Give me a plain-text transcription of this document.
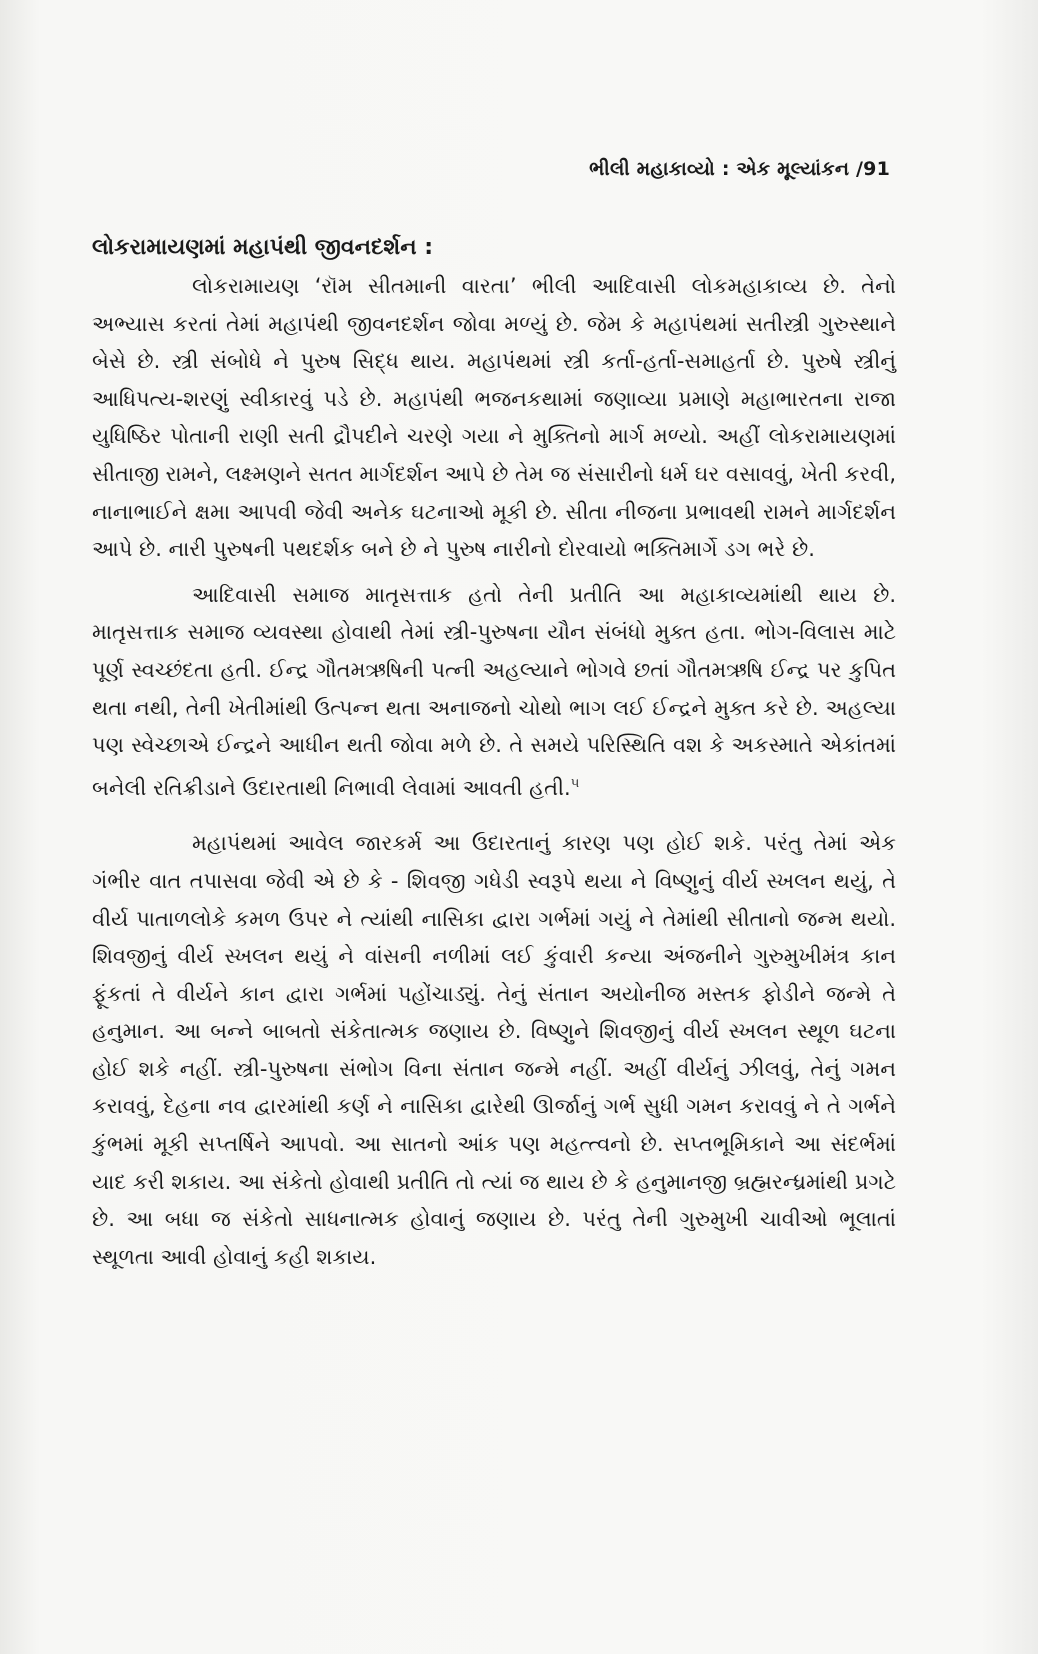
ભીલી મહાકાવ્યો : એક મૂલ્યાંકન /91
લોકરામાયણમાં મહાપંથી જીવનદર્શન :

લોકરામાયણ ‘રૉમ સીતમાની વારતા’ ભીલી આદિવાસી લોકમહાકાવ્ય છે. તેનો અભ્યાસ કરતાં તેમાં મહાપંથી જીવનદર્શન જોવા મળ્યું છે. જેમ કે મહાપંથમાં સતીસ્ત્રી ગુરુસ્થાને બેસે છે. સ્ત્રી સંબોધે ને પુરુષ સિદ્ધ થાય. મહાપંથમાં સ્ત્રી કર્તા-હર્તા-સમાહર્તા છે. પુરુષે સ્ત્રીનું આધિપત્ય-શરણું સ્વીકારવું પડે છે. મહાપંથી ભજનકથામાં જણાવ્યા પ્રમાણે મહાભારતના રાજા યુધિષ્ઠિર પોતાની રાણી સતી દ્રૌપદીને ચરણે ગયા ને મુક્તિનો માર્ગ મળ્યો. અહીં લોકરામાયણમાં સીતાજી રામને, લક્ષ્મણને સતત માર્ગદર્શન આપે છે તેમ જ સંસારીનો ધર્મ ઘર વસાવવું, ખેતી કરવી, નાનાભાઈને ક્ષમા આપવી જેવી અનેક ઘટનાઓ મૂકી છે. સીતા નીજના પ્રભાવથી રામને માર્ગદર્શન આપે છે. નારી પુરુષની પથદર્શક બને છે ને પુરુષ નારીનો દોરવાયો ભક્તિમાર્ગે ડગ ભરે છે.

આદિવાસી સમાજ માતૃસત્તાક હતો તેની પ્રતીતિ આ મહાકાવ્યમાંથી થાય છે. માતૃસત્તાક સમાજ વ્યવસ્થા હોવાથી તેમાં સ્ત્રી-પુરુષના યૌન સંબંધો મુક્ત હતા. ભોગ-વિલાસ માટે પૂર્ણ સ્વચ્છંદતા હતી. ઈન્દ્ર ગૌતમઋષિની પત્ની અહલ્યાને ભોગવે છતાં ગૌતમઋષિ ઈન્દ્ર પર કુપિત થતા નથી, તેની ખેતીમાંથી ઉત્પન્ન થતા અનાજનો ચોથો ભાગ લઈ ઈન્દ્રને મુક્ત કરે છે. અહલ્યા પણ સ્વેચ્છાએ ઈન્દ્રને આધીન થતી જોવા મળે છે. તે સમયે પરિસ્થિતિ વશ કે અકસ્માતે એકાંતમાં બનેલી રતિક્રીડાને ઉદારતાથી નિભાવી લેવામાં આવતી હતી.$^૫$

મહાપંથમાં આવેલ જારકર્મ આ ઉદારતાનું કારણ પણ હોઈ શકે. પરંતુ તેમાં એક ગંભીર વાત તપાસવા જેવી એ છે કે - શિવજી ગધેડી સ્વરૂપે થયા ને વિષ્ણુનું વીર્ય સ્ખલન થયું, તે વીર્ય પાતાળલોકે કમળ ઉપર ને ત્યાંથી નાસિકા દ્વારા ગર્ભમાં ગયું ને તેમાંથી સીતાનો જન્મ થયો. શિવજીનું વીર્ય સ્ખલન થયું ને વાંસની નળીમાં લઈ કુંવારી કન્યા અંજનીને ગુરુમુખીમંત્ર કાન ફૂંકતાં તે વીર્યને કાન દ્વારા ગર્ભમાં પહોંચાડ્યું. તેનું સંતાન અયોનીજ મસ્તક ફોડીને જન્મે તે હનુમાન. આ બન્ને બાબતો સંકેતાત્મક જણાય છે. વિષ્ણુને શિવજીનું વીર્ય સ્ખલન સ્થૂળ ઘટના હોઈ શકે નહીં. સ્ત્રી-પુરુષના સંભોગ વિના સંતાન જન્મે નહીં. અહીં વીર્યનું ઝીલવું, તેનું ગમન કરાવવું, દેહના નવ દ્વારમાંથી કર્ણ ને નાસિકા દ્વારેથી ઊર્જાનું ગર્ભ સુધી ગમન કરાવવું ને તે ગર્ભને કુંભમાં મૂકી સપ્તર્ષિને આપવો. આ સાતનો આંક પણ મહત્ત્વનો છે. સપ્તભૂમિકાને આ સંદર્ભમાં યાદ કરી શકાય. આ સંકેતો હોવાથી પ્રતીતિ તો ત્યાં જ થાય છે કે હનુમાનજી બ્રહ્મરન્ધ્રમાંથી પ્રગટે છે. આ બધા જ સંકેતો સાધનાત્મક હોવાનું જણાય છે. પરંતુ તેની ગુરુમુખી ચાવીઓ ભૂલાતાં સ્થૂળતા આવી હોવાનું કહી શકાય.
